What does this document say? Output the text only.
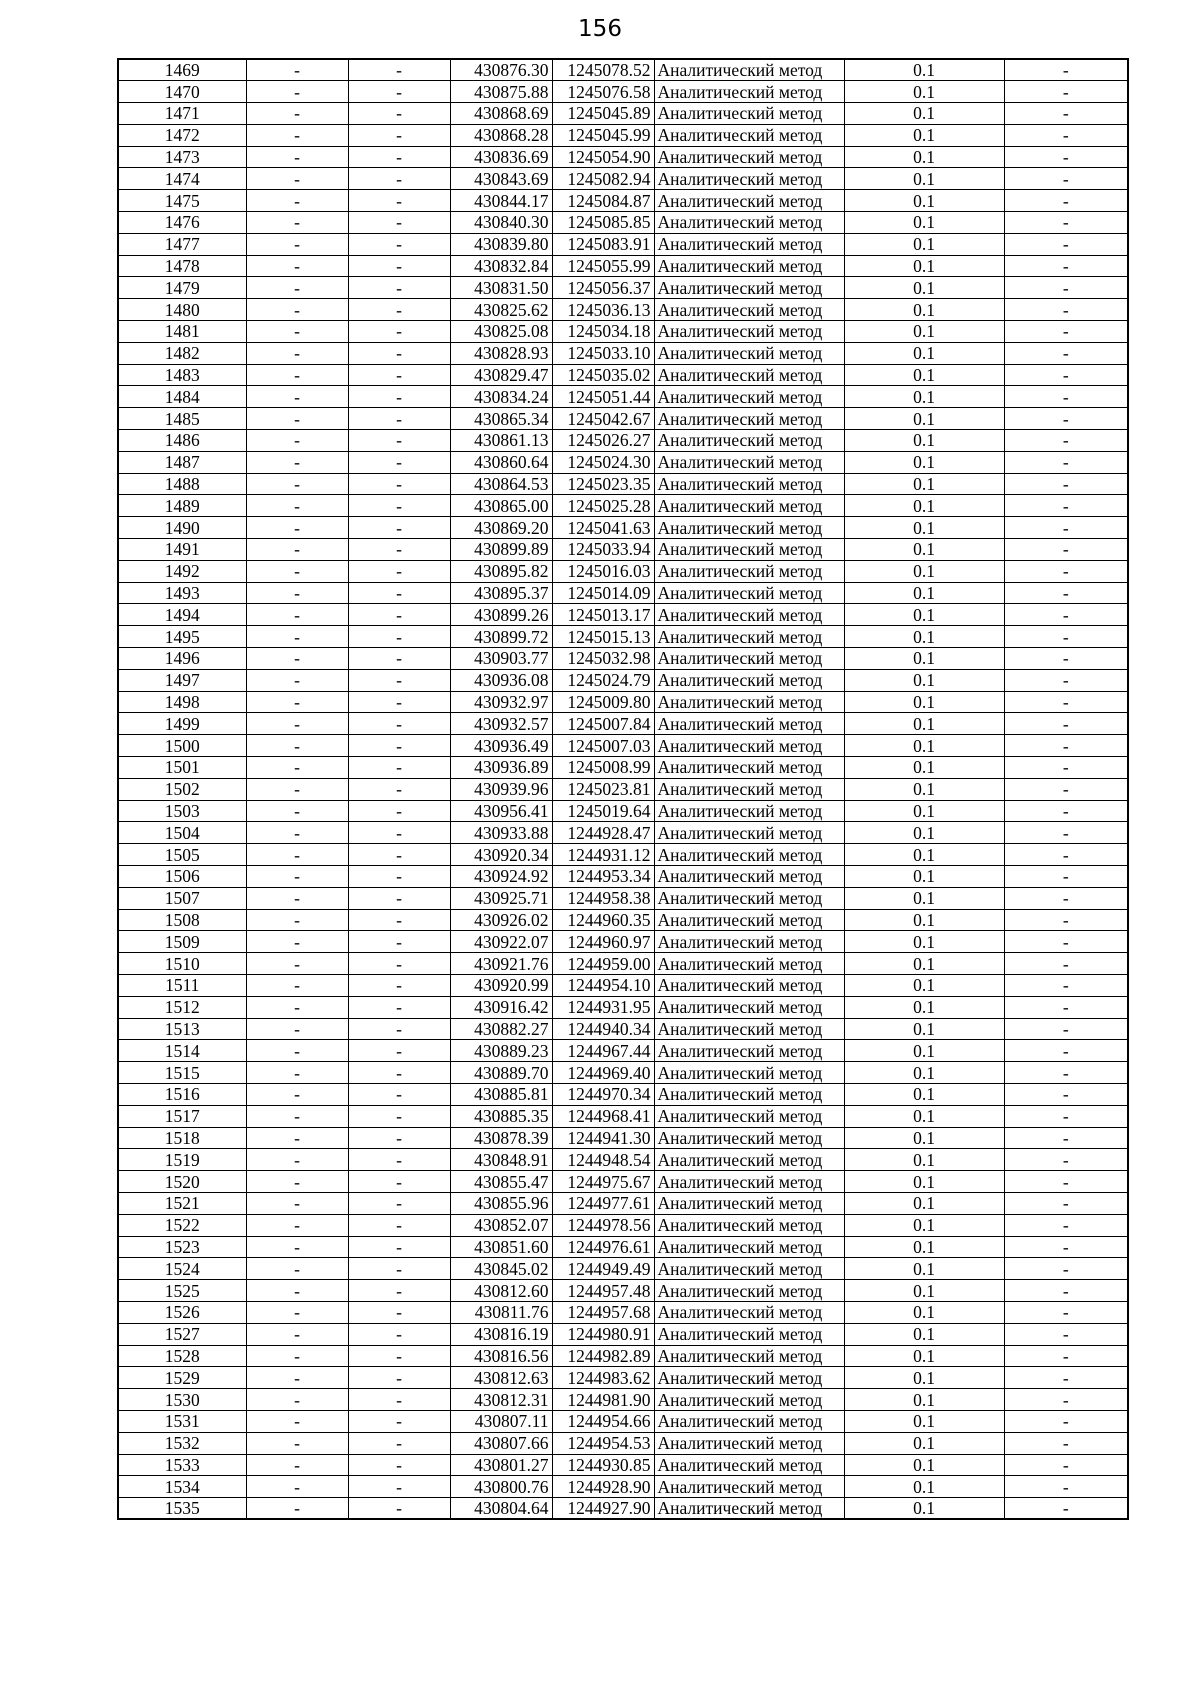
156
1469	-	-	430876.30	1245078.52	Аналитический метод	0.1	-
1470	-	-	430875.88	1245076.58	Аналитический метод	0.1	-
1471	-	-	430868.69	1245045.89	Аналитический метод	0.1	-
1472	-	-	430868.28	1245045.99	Аналитический метод	0.1	-
1473	-	-	430836.69	1245054.90	Аналитический метод	0.1	-
1474	-	-	430843.69	1245082.94	Аналитический метод	0.1	-
1475	-	-	430844.17	1245084.87	Аналитический метод	0.1	-
1476	-	-	430840.30	1245085.85	Аналитический метод	0.1	-
1477	-	-	430839.80	1245083.91	Аналитический метод	0.1	-
1478	-	-	430832.84	1245055.99	Аналитический метод	0.1	-
1479	-	-	430831.50	1245056.37	Аналитический метод	0.1	-
1480	-	-	430825.62	1245036.13	Аналитический метод	0.1	-
1481	-	-	430825.08	1245034.18	Аналитический метод	0.1	-
1482	-	-	430828.93	1245033.10	Аналитический метод	0.1	-
1483	-	-	430829.47	1245035.02	Аналитический метод	0.1	-
1484	-	-	430834.24	1245051.44	Аналитический метод	0.1	-
1485	-	-	430865.34	1245042.67	Аналитический метод	0.1	-
1486	-	-	430861.13	1245026.27	Аналитический метод	0.1	-
1487	-	-	430860.64	1245024.30	Аналитический метод	0.1	-
1488	-	-	430864.53	1245023.35	Аналитический метод	0.1	-
1489	-	-	430865.00	1245025.28	Аналитический метод	0.1	-
1490	-	-	430869.20	1245041.63	Аналитический метод	0.1	-
1491	-	-	430899.89	1245033.94	Аналитический метод	0.1	-
1492	-	-	430895.82	1245016.03	Аналитический метод	0.1	-
1493	-	-	430895.37	1245014.09	Аналитический метод	0.1	-
1494	-	-	430899.26	1245013.17	Аналитический метод	0.1	-
1495	-	-	430899.72	1245015.13	Аналитический метод	0.1	-
1496	-	-	430903.77	1245032.98	Аналитический метод	0.1	-
1497	-	-	430936.08	1245024.79	Аналитический метод	0.1	-
1498	-	-	430932.97	1245009.80	Аналитический метод	0.1	-
1499	-	-	430932.57	1245007.84	Аналитический метод	0.1	-
1500	-	-	430936.49	1245007.03	Аналитический метод	0.1	-
1501	-	-	430936.89	1245008.99	Аналитический метод	0.1	-
1502	-	-	430939.96	1245023.81	Аналитический метод	0.1	-
1503	-	-	430956.41	1245019.64	Аналитический метод	0.1	-
1504	-	-	430933.88	1244928.47	Аналитический метод	0.1	-
1505	-	-	430920.34	1244931.12	Аналитический метод	0.1	-
1506	-	-	430924.92	1244953.34	Аналитический метод	0.1	-
1507	-	-	430925.71	1244958.38	Аналитический метод	0.1	-
1508	-	-	430926.02	1244960.35	Аналитический метод	0.1	-
1509	-	-	430922.07	1244960.97	Аналитический метод	0.1	-
1510	-	-	430921.76	1244959.00	Аналитический метод	0.1	-
1511	-	-	430920.99	1244954.10	Аналитический метод	0.1	-
1512	-	-	430916.42	1244931.95	Аналитический метод	0.1	-
1513	-	-	430882.27	1244940.34	Аналитический метод	0.1	-
1514	-	-	430889.23	1244967.44	Аналитический метод	0.1	-
1515	-	-	430889.70	1244969.40	Аналитический метод	0.1	-
1516	-	-	430885.81	1244970.34	Аналитический метод	0.1	-
1517	-	-	430885.35	1244968.41	Аналитический метод	0.1	-
1518	-	-	430878.39	1244941.30	Аналитический метод	0.1	-
1519	-	-	430848.91	1244948.54	Аналитический метод	0.1	-
1520	-	-	430855.47	1244975.67	Аналитический метод	0.1	-
1521	-	-	430855.96	1244977.61	Аналитический метод	0.1	-
1522	-	-	430852.07	1244978.56	Аналитический метод	0.1	-
1523	-	-	430851.60	1244976.61	Аналитический метод	0.1	-
1524	-	-	430845.02	1244949.49	Аналитический метод	0.1	-
1525	-	-	430812.60	1244957.48	Аналитический метод	0.1	-
1526	-	-	430811.76	1244957.68	Аналитический метод	0.1	-
1527	-	-	430816.19	1244980.91	Аналитический метод	0.1	-
1528	-	-	430816.56	1244982.89	Аналитический метод	0.1	-
1529	-	-	430812.63	1244983.62	Аналитический метод	0.1	-
1530	-	-	430812.31	1244981.90	Аналитический метод	0.1	-
1531	-	-	430807.11	1244954.66	Аналитический метод	0.1	-
1532	-	-	430807.66	1244954.53	Аналитический метод	0.1	-
1533	-	-	430801.27	1244930.85	Аналитический метод	0.1	-
1534	-	-	430800.76	1244928.90	Аналитический метод	0.1	-
1535	-	-	430804.64	1244927.90	Аналитический метод	0.1	-
